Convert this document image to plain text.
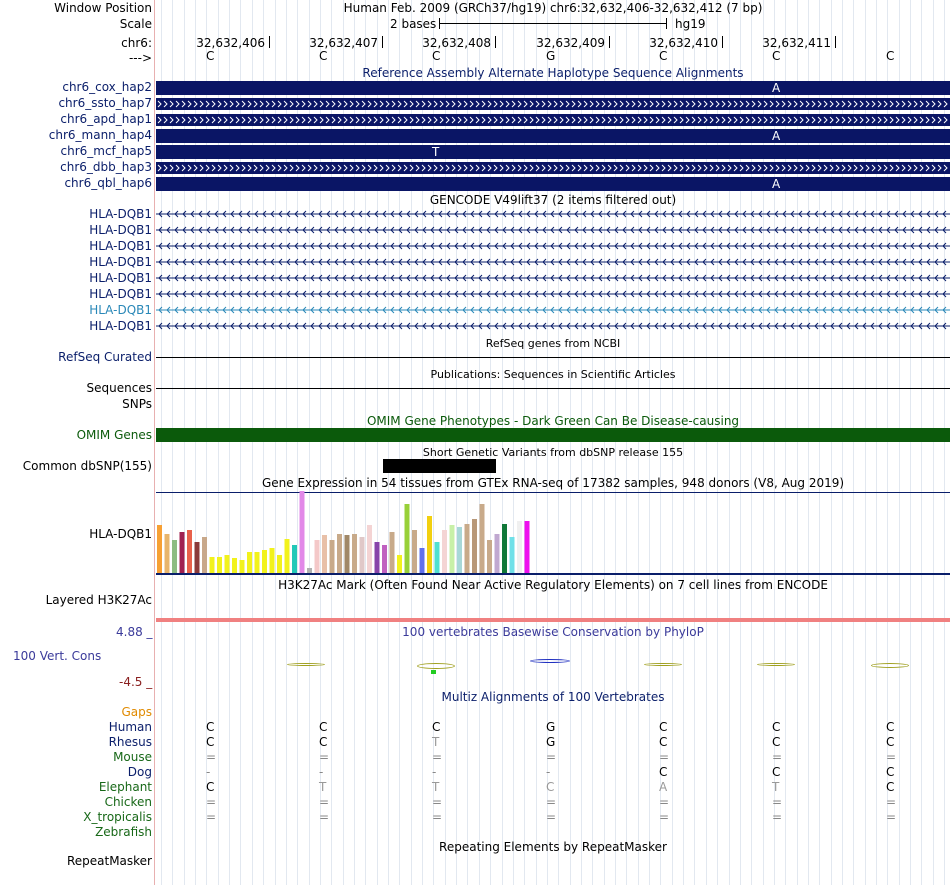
Window Position	Human Feb. 2009 (GRCh37/hg19) chr6:32,632,406-32,632,412 (7 bp)
Scale	2 bases	hg19
chr6:	32,632,406	32,632,407	32,632,408	32,632,409	32,632,410	32,632,411
--->	C	C	C	G	C	C	C
Reference Assembly Alternate Haplotype Sequence Alignments
chr6_cox_hap2	A
chr6_ssto_hap7
chr6_apd_hap1
chr6_mann_hap4	A
chr6_mcf_hap5	T
chr6_dbb_hap3
chr6_qbl_hap6	A
GENCODE V49lift37 (2 items filtered out)
HLA-DQB1
HLA-DQB1
HLA-DQB1
HLA-DQB1
HLA-DQB1
HLA-DQB1
HLA-DQB1
HLA-DQB1
RefSeq genes from NCBI
RefSeq Curated
Publications: Sequences in Scientific Articles
Sequences
SNPs
OMIM Gene Phenotypes - Dark Green Can Be Disease-causing
OMIM Genes
Short Genetic Variants from dbSNP release 155
Common dbSNP(155)
Gene Expression in 54 tissues from GTEx RNA-seq of 17382 samples, 948 donors (V8, Aug 2019)
HLA-DQB1
H3K27Ac Mark (Often Found Near Active Regulatory Elements) on 7 cell lines from ENCODE
Layered H3K27Ac
100 vertebrates Basewise Conservation by PhyloP
4.88 _
100 Vert. Cons
-4.5 _
Multiz Alignments of 100 Vertebrates
Gaps
Human	C	C	C	G	C	C	C
Rhesus	C	C	T	G	C	C	C
Mouse	=	=	=	=	=	=	=
Dog	-	-	-	-	C	C	C
Elephant	C	T	T	C	A	T	C
Chicken	=	=	=	=	=	=	=
X_tropicalis	=	=	=	=	=	=	=
Zebrafish
Repeating Elements by RepeatMasker
RepeatMasker
